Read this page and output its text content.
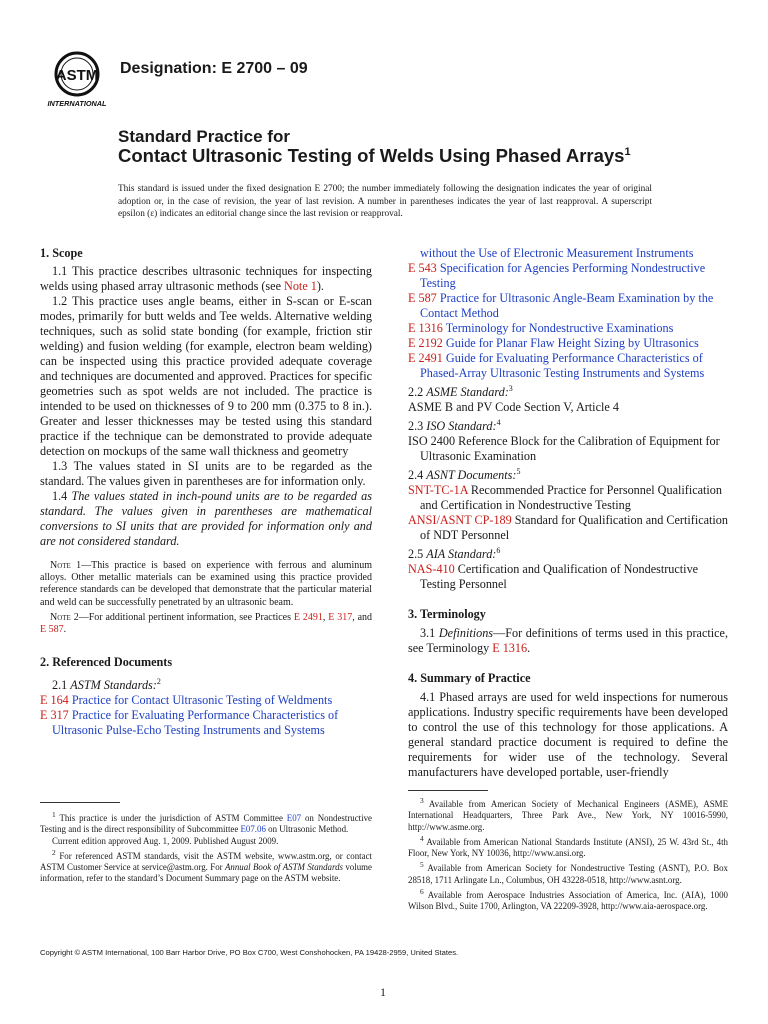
ASTM
INTERNATIONAL
Designation: E 2700 – 09
Standard Practice for
Contact Ultrasonic Testing of Welds Using Phased Arrays$^1$
This standard is issued under the fixed designation E 2700; the number immediately following the designation indicates the year of original adoption or, in the case of revision, the year of last revision. A number in parentheses indicates the year of last reapproval. A superscript epsilon (ε) indicates an editorial change since the last revision or reapproval.
1. Scope

1.1 This practice describes ultrasonic techniques for inspecting welds using phased array ultrasonic methods (see Note 1).

1.2 This practice uses angle beams, either in S-scan or E-scan modes, primarily for butt welds and Tee welds. Alternative welding techniques, such as solid state bonding (for example, friction stir welding) and fusion welding (for example, electron beam welding) can be inspected using this practice provided adequate coverage and techniques are documented and approved. Practices for specific geometries such as spot welds are not included. The practice is intended to be used on thicknesses of 9 to 200 mm (0.375 to 8 in.). Greater and lesser thicknesses may be tested using this standard practice if the technique can be demonstrated to provide adequate detection on mockups of the same wall thickness and geometry

1.3 The values stated in SI units are to be regarded as the standard. The values given in parentheses are for information only.

1.4 The values stated in inch-pound units are to be regarded as standard. The values given in parentheses are mathematical conversions to SI units that are provided for information only and are not considered standard.

Note 1—This practice is based on experience with ferrous and aluminum alloys. Other metallic materials can be examined using this practice provided reference standards can be developed that demonstrate that the particular material and weld can be successfully penetrated by an ultrasonic beam.

Note 2—For additional pertinent information, see Practices E 2491, E 317, and E 587.

2. Referenced Documents

2.1 ASTM Standards:$^2$

E 164 Practice for Contact Ultrasonic Testing of Weldments

E 317 Practice for Evaluating Performance Characteristics of Ultrasonic Pulse-Echo Testing Instruments and Systems

$^1$ This practice is under the jurisdiction of ASTM Committee E07 on Nondestructive Testing and is the direct responsibility of Subcommittee E07.06 on Ultrasonic Method.

Current edition approved Aug. 1, 2009. Published August 2009.

$^2$ For referenced ASTM standards, visit the ASTM website, www.astm.org, or contact ASTM Customer Service at service@astm.org. For Annual Book of ASTM Standards volume information, refer to the standard’s Document Summary page on the ASTM website.

without the Use of Electronic Measurement Instruments

E 543 Specification for Agencies Performing Nondestructive Testing

E 587 Practice for Ultrasonic Angle-Beam Examination by the Contact Method

E 1316 Terminology for Nondestructive Examinations

E 2192 Guide for Planar Flaw Height Sizing by Ultrasonics

E 2491 Guide for Evaluating Performance Characteristics of Phased-Array Ultrasonic Testing Instruments and Systems

2.2 ASME Standard:$^3$

ASME B and PV Code Section V, Article 4

2.3 ISO Standard:$^4$

ISO 2400 Reference Block for the Calibration of Equipment for Ultrasonic Examination

2.4 ASNT Documents:$^5$

SNT-TC-1A Recommended Practice for Personnel Qualification and Certification in Nondestructive Testing

ANSI/ASNT CP-189 Standard for Qualification and Certification of NDT Personnel

2.5 AIA Standard:$^6$

NAS-410 Certification and Qualification of Nondestructive Testing Personnel

3. Terminology

3.1 Definitions—For definitions of terms used in this practice, see Terminology E 1316.

4. Summary of Practice

4.1 Phased arrays are used for weld inspections for numerous applications. Industry specific requirements have been developed to control the use of this technology for those applications. A general standard practice document is required to define the requirements for wider use of the technology. Several manufacturers have developed portable, user-friendly

$^3$ Available from American Society of Mechanical Engineers (ASME), ASME International Headquarters, Three Park Ave., New York, NY 10016-5990, http://www.asme.org.

$^4$ Available from American National Standards Institute (ANSI), 25 W. 43rd St., 4th Floor, New York, NY 10036, http://www.ansi.org.

$^5$ Available from American Society for Nondestructive Testing (ASNT), P.O. Box 28518, 1711 Arlingate Ln., Columbus, OH 43228-0518, http://www.asnt.org.

$^6$ Available from Aerospace Industries Association of America, Inc. (AIA), 1000 Wilson Blvd., Suite 1700, Arlington, VA 22209-3928, http://www.aia-aerospace.org.

Copyright © ASTM International, 100 Barr Harbor Drive, PO Box C700, West Conshohocken, PA 19428-2959, United States.
1
